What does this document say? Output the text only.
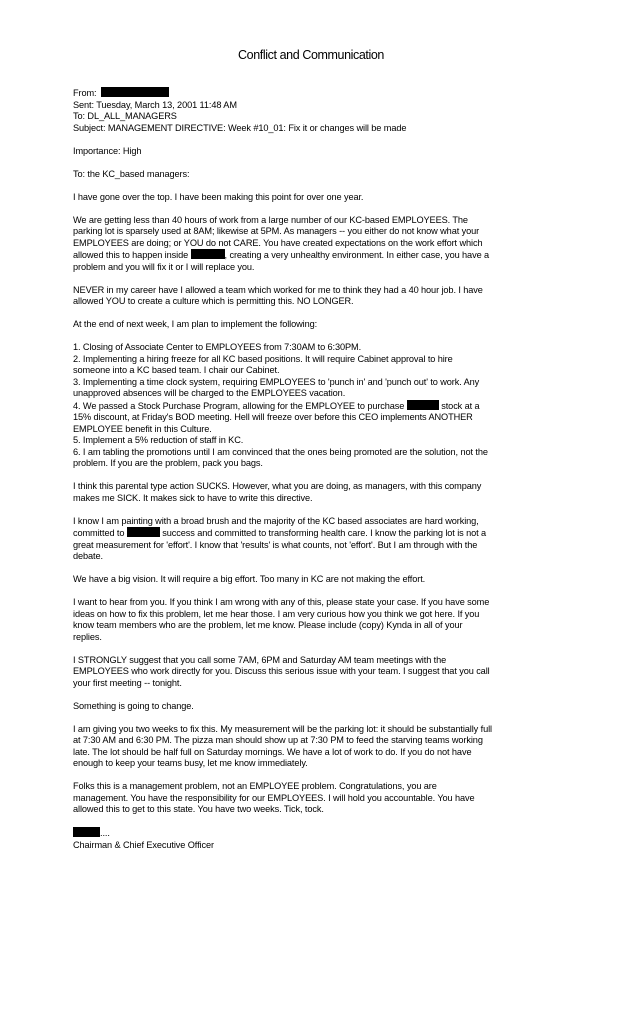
Conflict and Communication

From:
Sent: Tuesday, March 13, 2001 11:48 AM
To: DL_ALL_MANAGERS
Subject: MANAGEMENT DIRECTIVE: Week #10_01: Fix it or changes will be made

Importance: High

To: the KC_based managers:

I have gone over the top. I have been making this point for over one year.

We are getting less than 40 hours of work from a large number of our KC-based EMPLOYEES. The
parking lot is sparsely used at 8AM; likewise at 5PM. As managers -- you either do not know what your
EMPLOYEES are doing; or YOU do not CARE. You have created expectations on the work effort which
allowed this to happen inside	, creating a very unhealthy environment. In either case, you have a
problem and you will fix it or I will replace you.

NEVER in my career have I allowed a team which worked for me to think they had a 40 hour job. I have
allowed YOU to create a culture which is permitting this. NO LONGER.

At the end of next week, I am plan to implement the following:

1. Closing of Associate Center to EMPLOYEES from 7:30AM to 6:30PM.
2. Implementing a hiring freeze for all KC based positions. It will require Cabinet approval to hire
someone into a KC based team. I chair our Cabinet.
3. Implementing a time clock system, requiring EMPLOYEES to 'punch in' and 'punch out' to work. Any
unapproved absences will be charged to the EMPLOYEES vacation.
4. We passed a Stock Purchase Program, allowing for the EMPLOYEE to purchase	stock at a
15% discount, at Friday's BOD meeting. Hell will freeze over before this CEO implements ANOTHER
EMPLOYEE benefit in this Culture.
5. Implement a 5% reduction of staff in KC.
6. I am tabling the promotions until I am convinced that the ones being promoted are the solution, not the
problem. If you are the problem, pack you bags.

I think this parental type action SUCKS. However, what you are doing, as managers, with this company
makes me SICK. It makes sick to have to write this directive.

I know I am painting with a broad brush and the majority of the KC based associates are hard working,
committed to	success and committed to transforming health care. I know the parking lot is not a
great measurement for 'effort'. I know that 'results' is what counts, not 'effort'. But I am through with the
debate.

We have a big vision. It will require a big effort. Too many in KC are not making the effort.

I want to hear from you. If you think I am wrong with any of this, please state your case. If you have some
ideas on how to fix this problem, let me hear those. I am very curious how you think we got here. If you
know team members who are the problem, let me know. Please include (copy) Kynda in all of your
replies.

I STRONGLY suggest that you call some 7AM, 6PM and Saturday AM team meetings with the
EMPLOYEES who work directly for you. Discuss this serious issue with your team. I suggest that you call
your first meeting -- tonight.

Something is going to change.

I am giving you two weeks to fix this. My measurement will be the parking lot: it should be substantially full
at 7:30 AM and 6:30 PM. The pizza man should show up at 7:30 PM to feed the starving teams working
late. The lot should be half full on Saturday mornings. We have a lot of work to do. If you do not have
enough to keep your teams busy, let me know immediately.

Folks this is a management problem, not an EMPLOYEE problem. Congratulations, you are
management. You have the responsibility for our EMPLOYEES. I will hold you accountable. You have
allowed this to get to this state. You have two weeks. Tick, tock.

....
Chairman & Chief Executive Officer
